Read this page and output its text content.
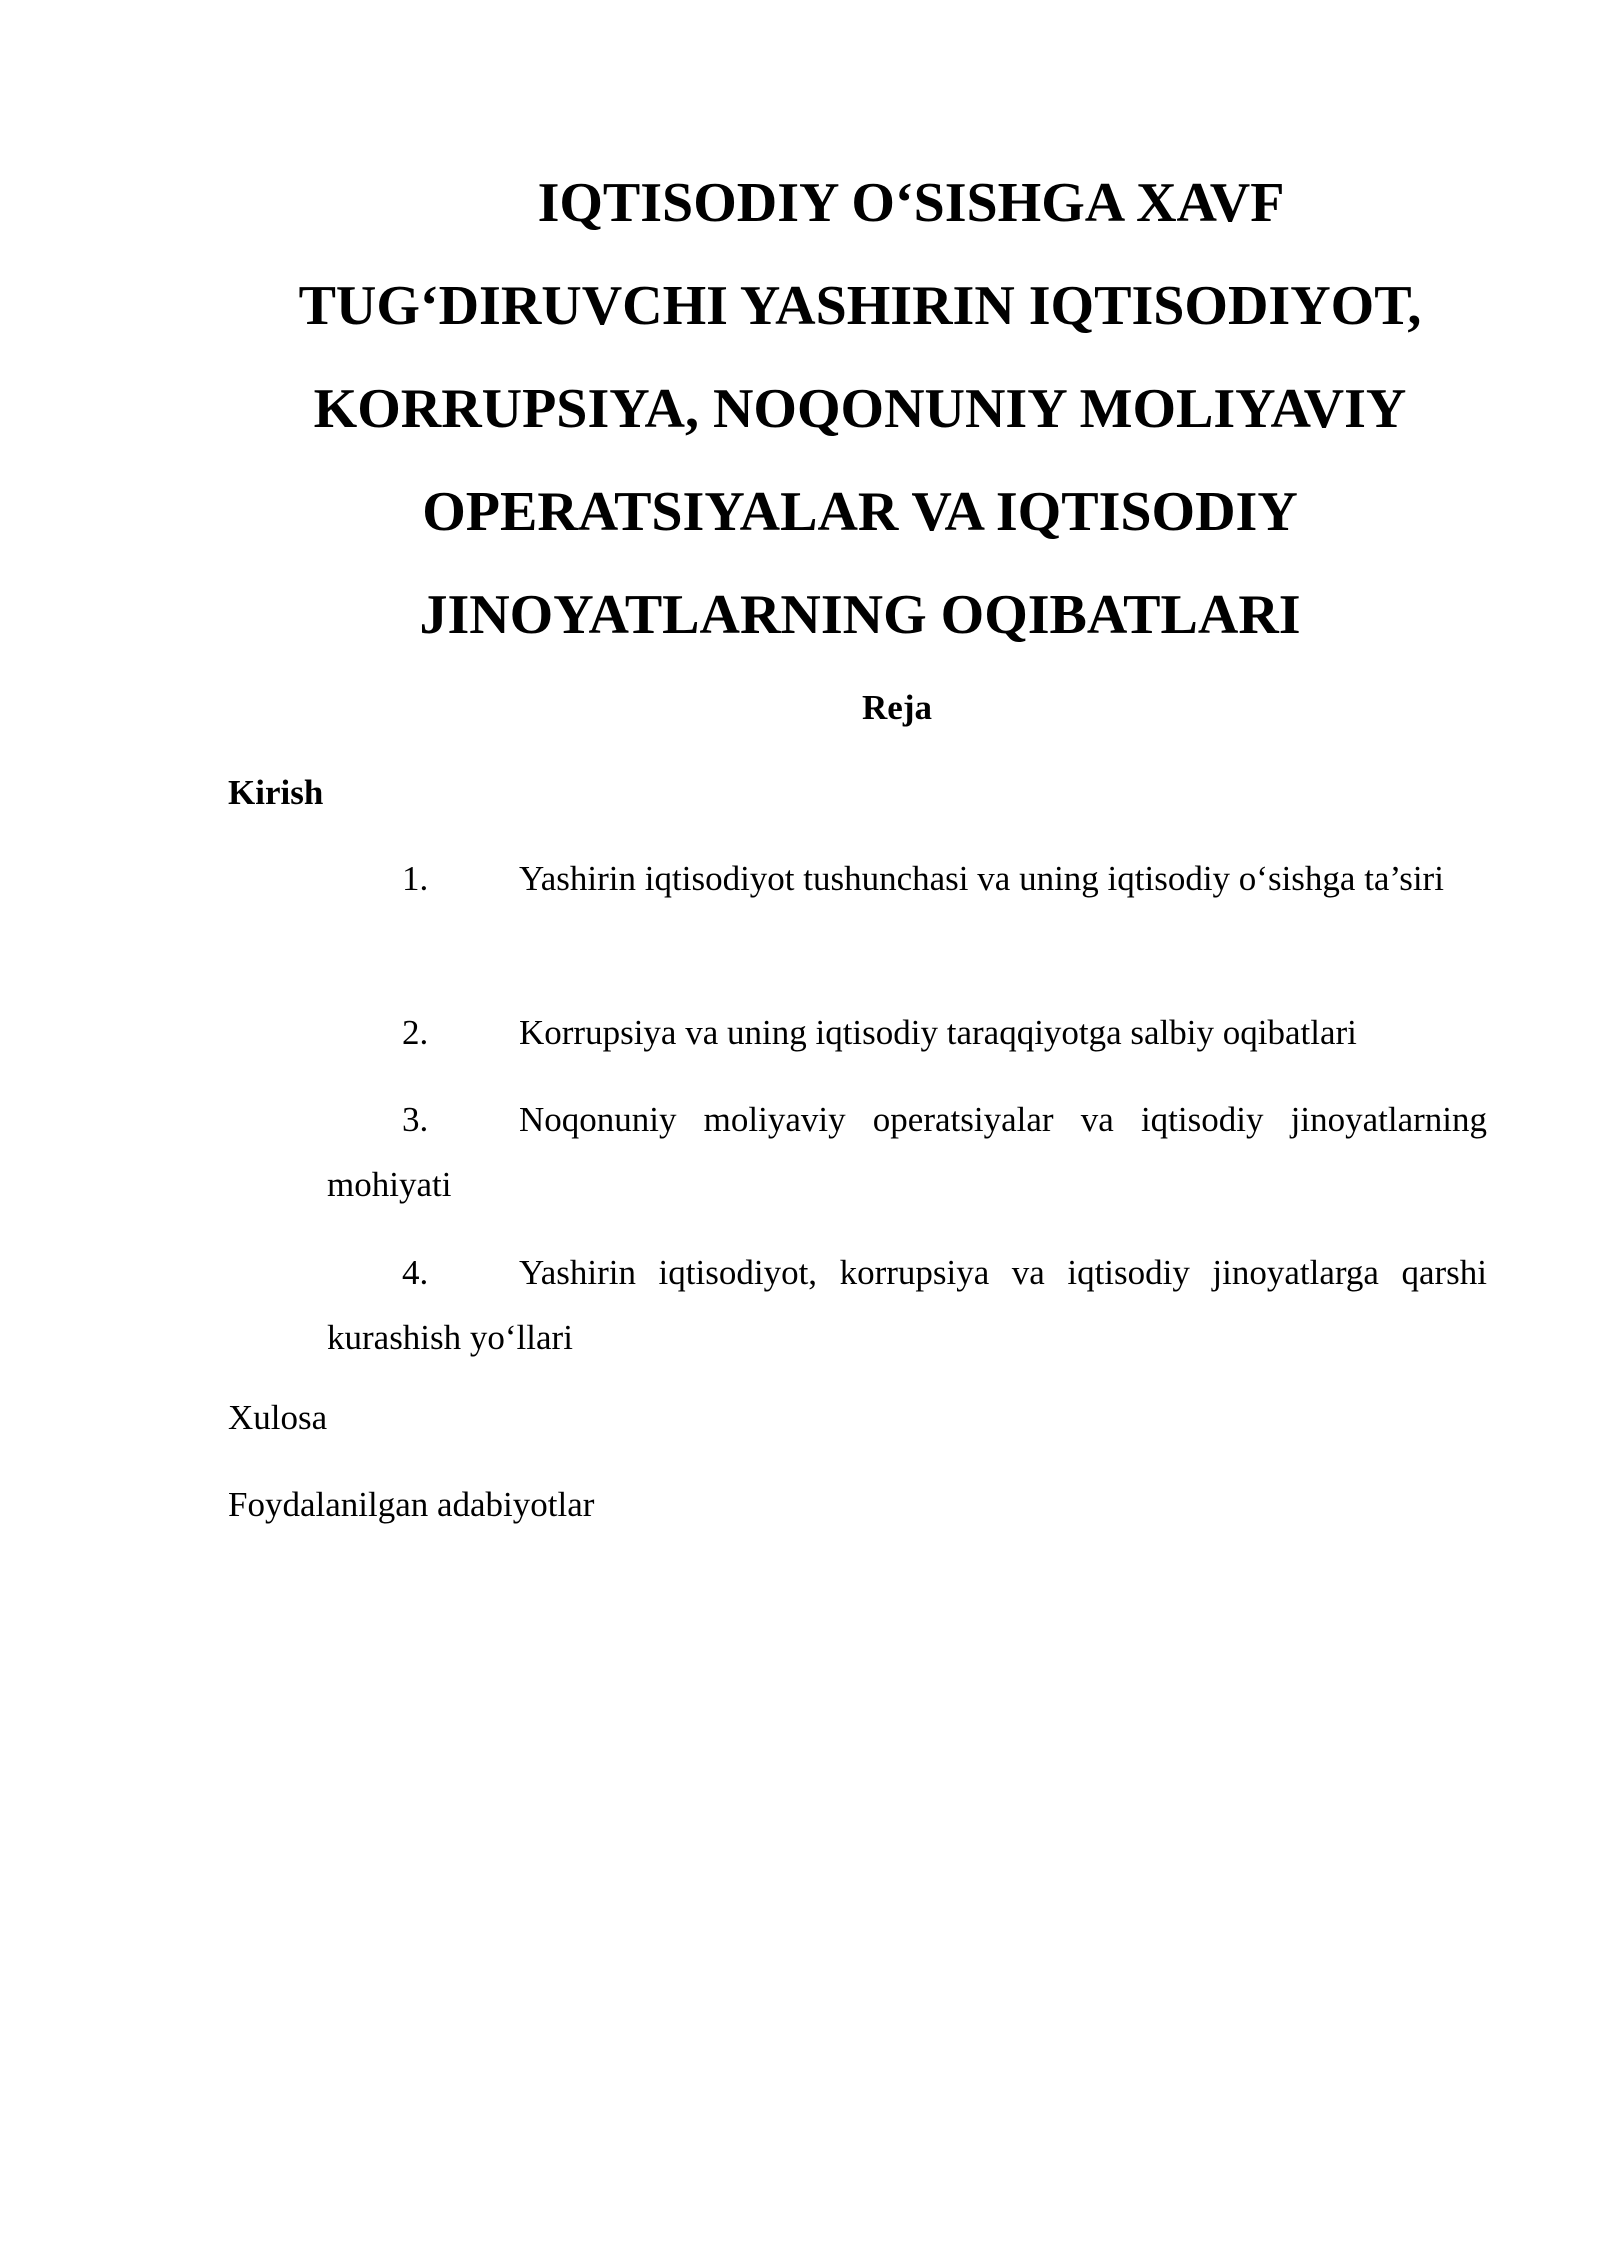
IQTISODIY O‘SISHGA XAVF TUG‘DIRUVCHI YASHIRIN IQTISODIYOT, KORRUPSIYA, NOQONUNIY MOLIYAVIY OPERATSIYALAR VA IQTISODIY JINOYATLARNING OQIBATLARI
Reja
Kirish

1.	Yashirin iqtisodiyot tushunchasi va uning iqtisodiy o‘sishga ta’siri

2.	Korrupsiya va uning iqtisodiy taraqqiyotga salbiy oqibatlari

3.	Noqonuniy moliyaviy operatsiyalar va iqtisodiy jinoyatlarning mohiyati

4.	Yashirin iqtisodiyot, korrupsiya va iqtisodiy jinoyatlarga qarshi kurashish yo‘llari

Xulosa
Foydalanilgan adabiyotlar
